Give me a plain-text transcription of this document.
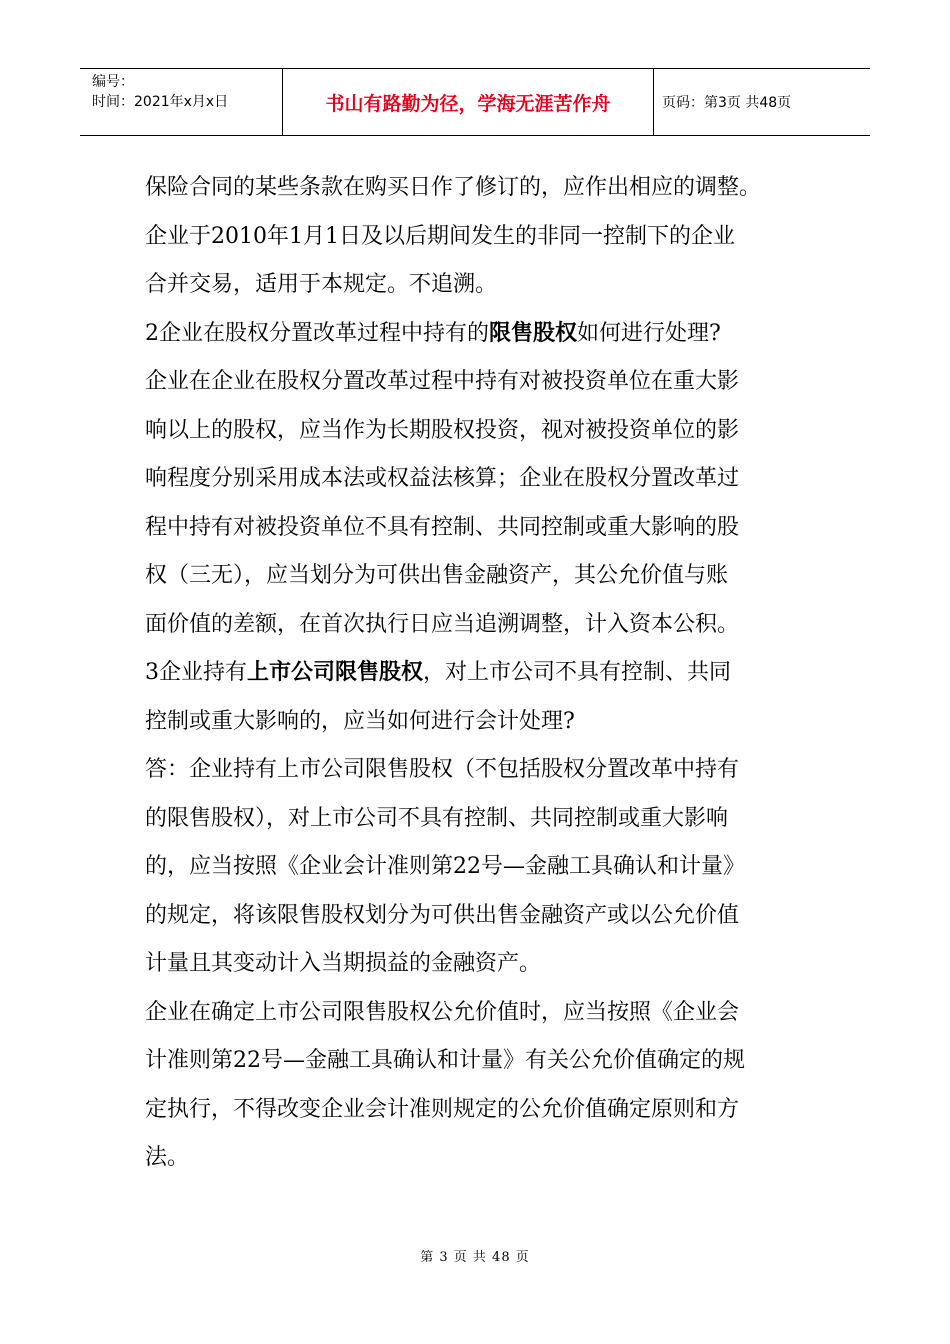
编号：
时间：2021年x月x日	书山有路勤为径，学海无涯苦作舟	页码：第3页 共48页

保险合同的某些条款在购买日作了修订的，应作出相应的调整。

企业于2010年1月1日及以后期间发生的非同一控制下的企业

合并交易，适用于本规定。不追溯。

2企业在股权分置改革过程中持有的限售股权如何进行处理?

企业在企业在股权分置改革过程中持有对被投资单位在重大影

响以上的股权，应当作为长期股权投资，视对被投资单位的影

响程度分别采用成本法或权益法核算；企业在股权分置改革过

程中持有对被投资单位不具有控制、共同控制或重大影响的股

权（三无），应当划分为可供出售金融资产，其公允价值与账

面价值的差额，在首次执行日应当追溯调整，计入资本公积。

3企业持有上市公司限售股权，对上市公司不具有控制、共同

控制或重大影响的，应当如何进行会计处理?

答：企业持有上市公司限售股权（不包括股权分置改革中持有

的限售股权），对上市公司不具有控制、共同控制或重大影响

的，应当按照《企业会计准则第22号—金融工具确认和计量》

的规定，将该限售股权划分为可供出售金融资产或以公允价值

计量且其变动计入当期损益的金融资产。

企业在确定上市公司限售股权公允价值时，应当按照《企业会

计准则第22号—金融工具确认和计量》有关公允价值确定的规

定执行，不得改变企业会计准则规定的公允价值确定原则和方

法。

第 3 页 共 48 页
